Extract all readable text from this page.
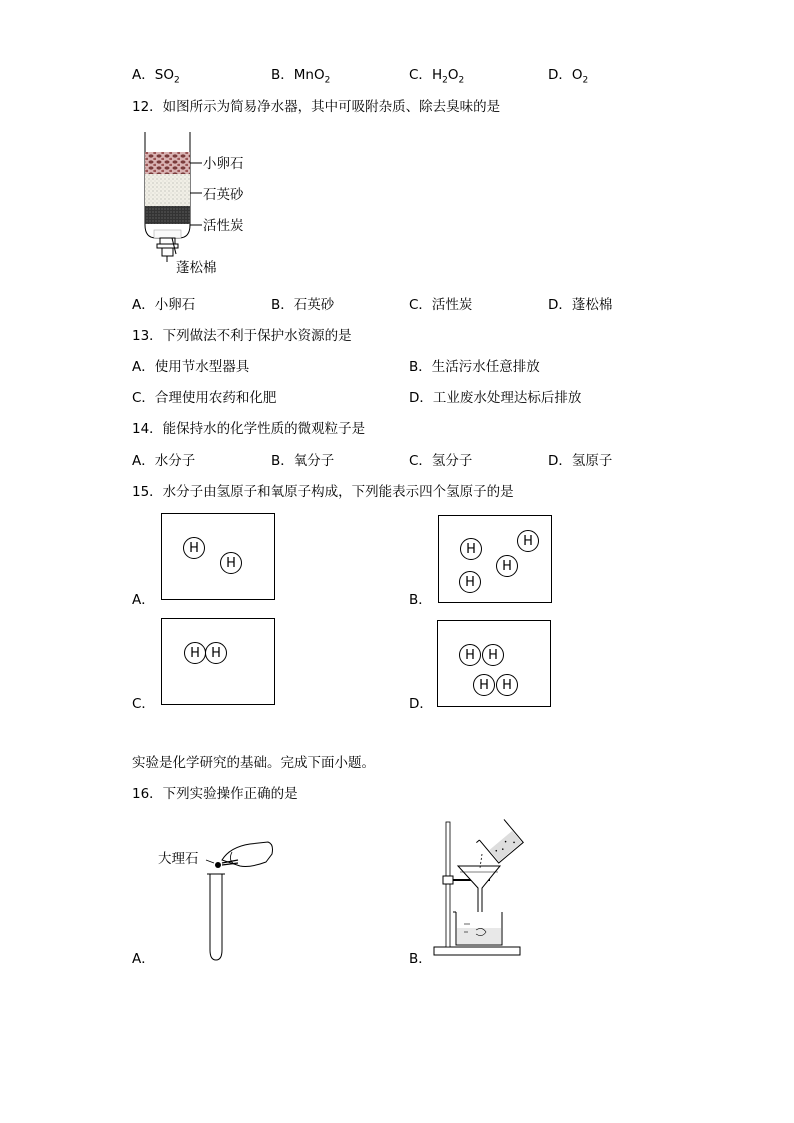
A．$SO_2$	B．MnO$_2$	C．$H_2O_2$	D．$O_2$
12．如图所示为简易净水器，其中可吸附杂质、除去臭味的是
小卵石
石英砂
活性炭
蓬松棉
A．小卵石	B．石英砂	C．活性炭	D．蓬松棉
13．下列做法不利于保护水资源的是
A．使用节水型器具	B．生活污水任意排放
C．合理使用农药和化肥	D．工业废水处理达标后排放
14．能保持水的化学性质的微观粒子是
A．水分子	B．氧分子	C．氢分子	D．氢原子
15．水分子由氢原子和氧原子构成，下列能表示四个氢原子的是
H
H
A．
H
H
H
H
B．
H H
C．
H	H
H	H
D．
实验是化学研究的基础。完成下面小题。
16．下列实验操作正确的是
大理石
A．	B．
